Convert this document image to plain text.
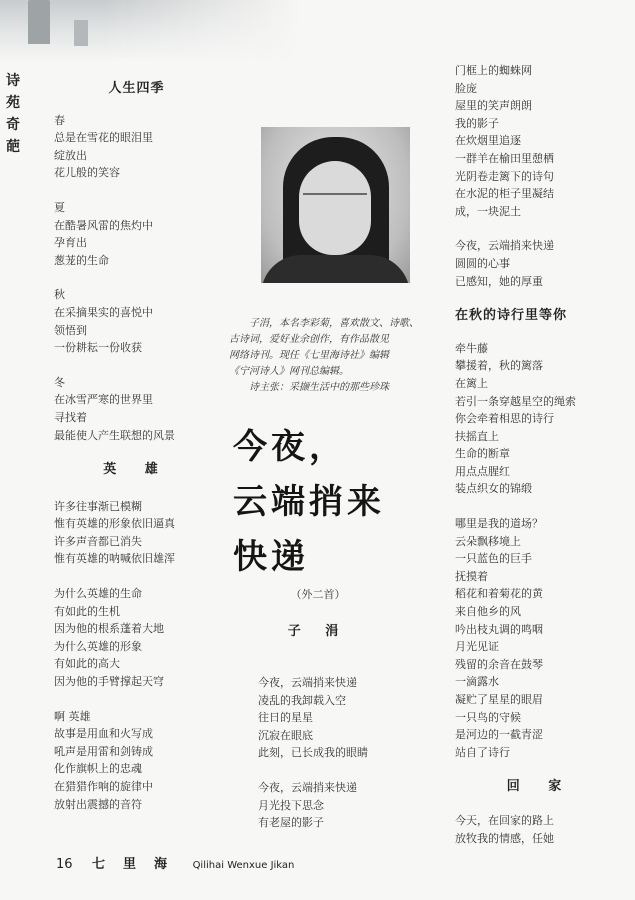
诗苑奇葩

人生四季

春

总是在雪花的眼泪里

绽放出

花儿般的笑容

夏

在酷暑风雷的焦灼中

孕育出

葱茏的生命

秋

在采摘果实的喜悦中

领悟到

一份耕耘一份收获

冬

在冰雪严寒的世界里

寻找着

最能使人产生联想的风景

英 雄

许多往事渐已模糊

惟有英雄的形象依旧逼真

许多声音都已消失

惟有英雄的呐喊依旧雄浑

为什么英雄的生命

有如此的生机

因为他的根系蓬着大地

为什么英雄的形象

有如此的高大

因为他的手臂撑起天穹

啊 英雄

故事是用血和火写成

吼声是用雷和剑铸成

化作旗帜上的忠魂

在猎猎作响的旋律中

放射出震撼的音符

子涓，本名李彩菊，喜欢散文、诗歌、

古诗词，爱好业余创作，有作品散见

网络诗刊。现任《七里海诗社》编辑

《宁河诗人》网刊总编辑。

诗主张：采撷生活中的那些珍珠

今夜，

云端捎来

快递

（外二首）
子 涓

今夜，云端捎来快递

凌乱的我卸载入空

往日的星星

沉寂在眼底

此刻，已长成我的眼睛

今夜，云端捎来快递

月光投下思念

有老屋的影子

门框上的蜘蛛网

脸庞

屋里的笑声朗朗

我的影子

在炊烟里追逐

一群羊在榆田里憩栖

光阴卷走篱下的诗句

在水泥的柜子里凝结

成，一块泥土

今夜，云端捎来快递

圆圆的心事

已感知，她的厚重

在秋的诗行里等你

牵牛藤

攀援着，秋的篱落

在篱上

若引一条穿越星空的绳索

你会牵着相思的诗行

扶摇直上

生命的断章

用点点腥红

装点织女的锦缎

哪里是我的道场？

云朵飘移境上

一只蓝色的巨手

抚摸着

稻花和着菊花的黄

来自他乡的风

吟出枝丸调的鸣咽

月光见证

残留的余音在鼓琴

一滴露水

凝贮了星星的眼眉

一只鸟的守候

是河边的一截青涩

站自了诗行

回 家

今天，在回家的路上

放牧我的情感，任她

16 七里海 Qilihai Wenxue Jikan
